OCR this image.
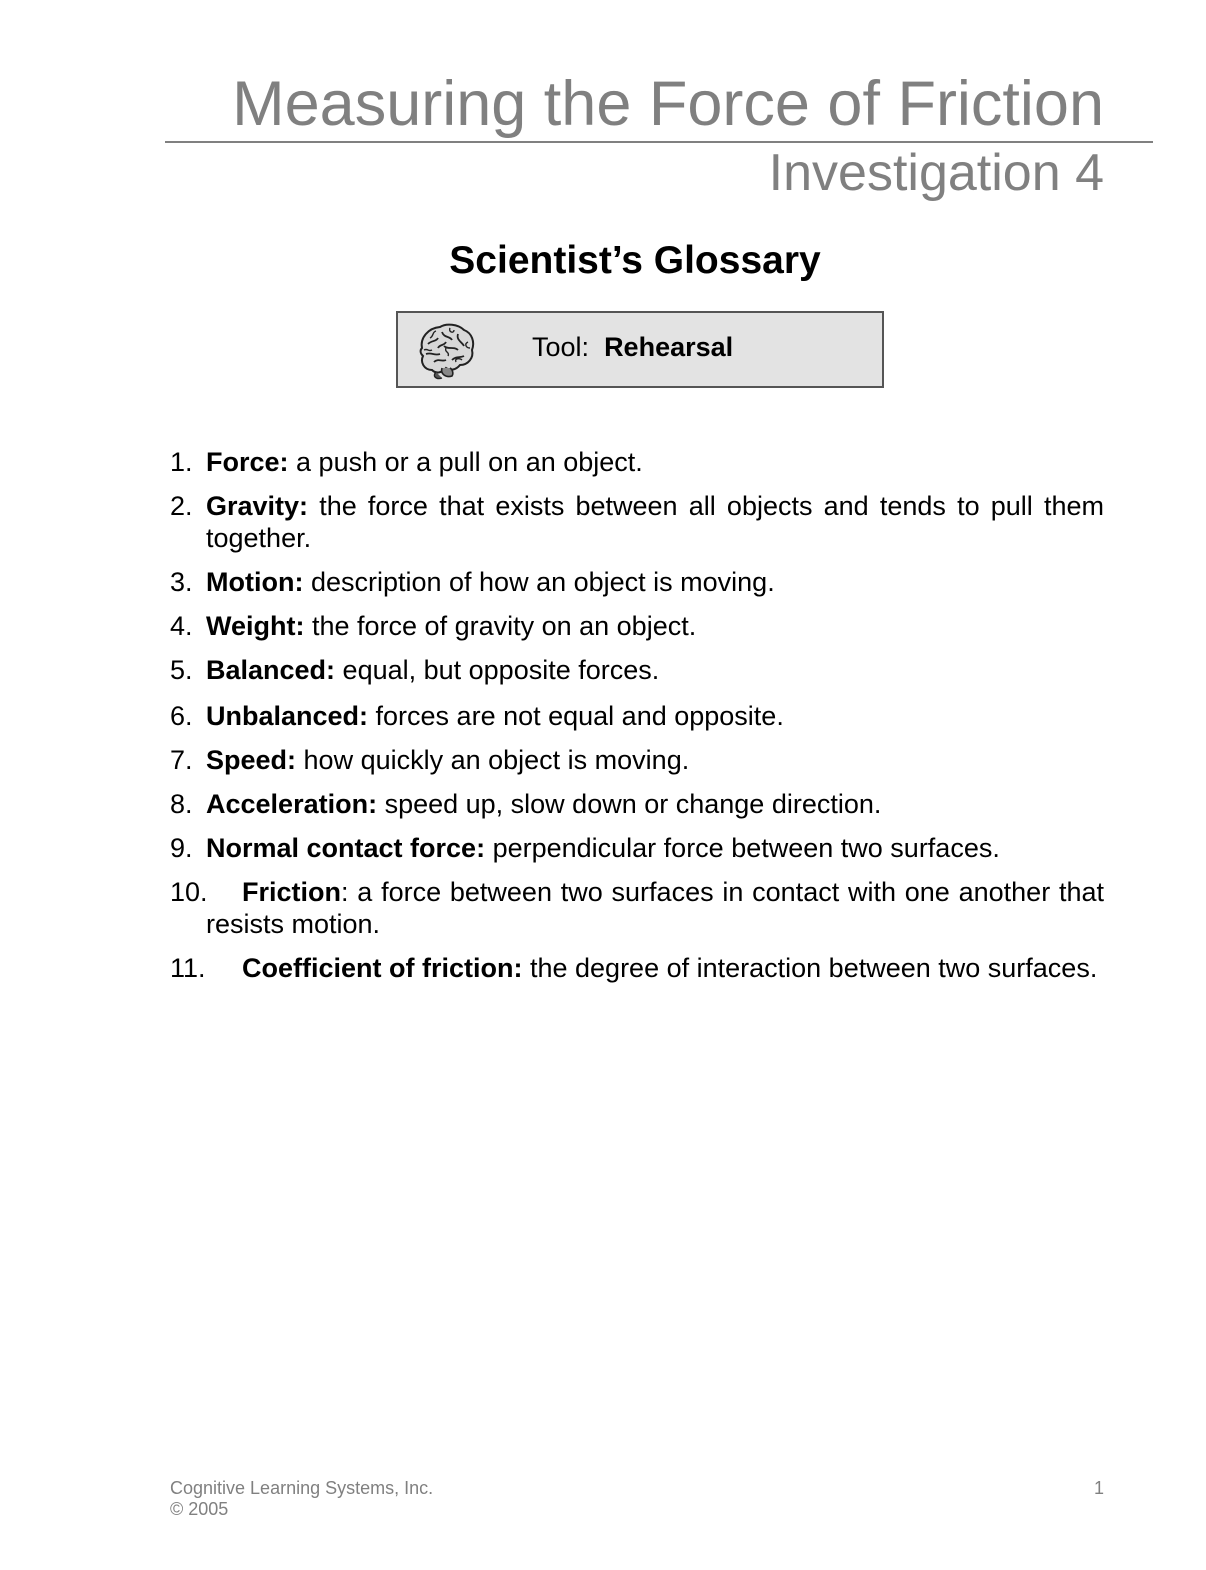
Measuring the Force of Friction
Investigation 4
Scientist’s Glossary
Tool: Rehearsal
1. Force: a push or a pull on an object.
2. Gravity: the force that exists between all objects and tends to pull them together.
3. Motion: description of how an object is moving.
4. Weight: the force of gravity on an object.
5. Balanced: equal, but opposite forces.
6. Unbalanced: forces are not equal and opposite.
7. Speed: how quickly an object is moving.
8. Acceleration: speed up, slow down or change direction.
9. Normal contact force: perpendicular force between two surfaces.
10.	Friction: a force between two surfaces in contact with one another that resists motion.
11.	Coefficient of friction: the degree of interaction between two surfaces.
Cognitive Learning Systems, Inc.
© 2005
1
